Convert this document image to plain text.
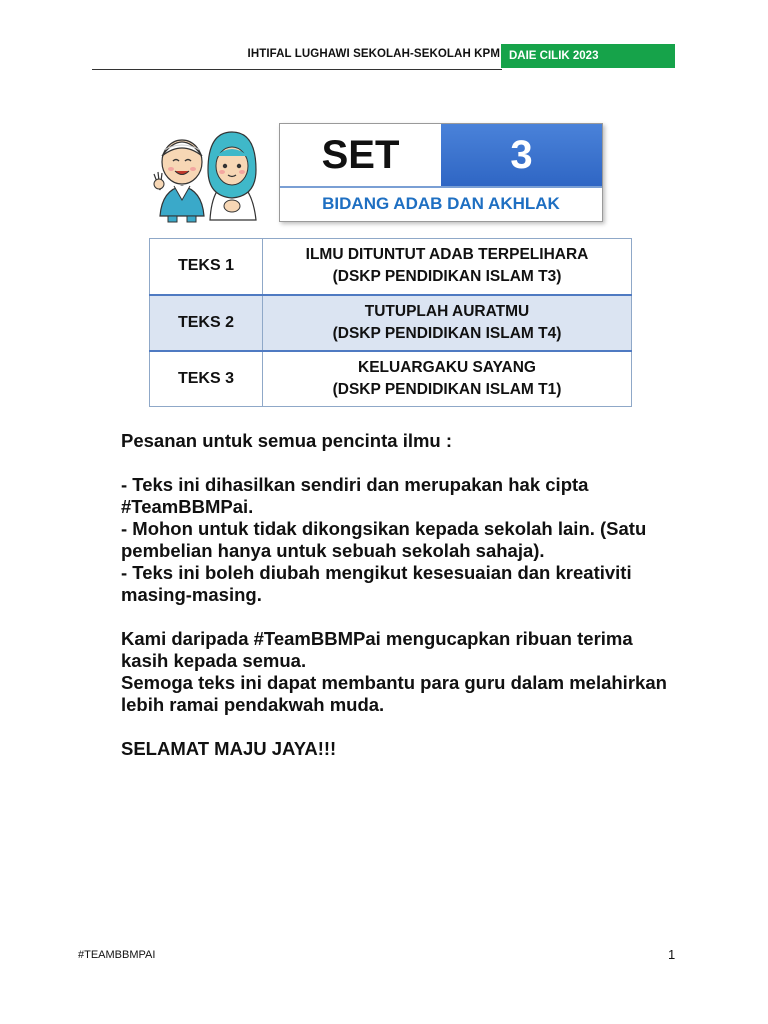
IHTIFAL LUGHAWI SEKOLAH-SEKOLAH KPM DAIE CILIK 2023
SET	3
BIDANG ADAB DAN AKHLAK
TEKS 1	ILMU DITUNTUT ADAB TERPELIHARA
(DSKP PENDIDIKAN ISLAM T3)

TEKS 2	TUTUPLAH AURATMU
(DSKP PENDIDIKAN ISLAM T4)

TEKS 3	KELUARGAKU SAYANG
(DSKP PENDIDIKAN ISLAM T1)

Pesanan untuk semua pencinta ilmu :

- Teks ini dihasilkan sendiri dan merupakan hak cipta #TeamBBMPai.

- Mohon untuk tidak dikongsikan kepada sekolah lain. (Satu pembelian hanya untuk sebuah sekolah sahaja).

- Teks ini boleh diubah mengikut kesesuaian dan kreativiti masing-masing.

Kami daripada #TeamBBMPai mengucapkan ribuan terima kasih kepada semua.

Semoga teks ini dapat membantu para guru dalam melahirkan lebih ramai pendakwah muda.

SELAMAT MAJU JAYA!!!

#TEAMBBMPAI	1
